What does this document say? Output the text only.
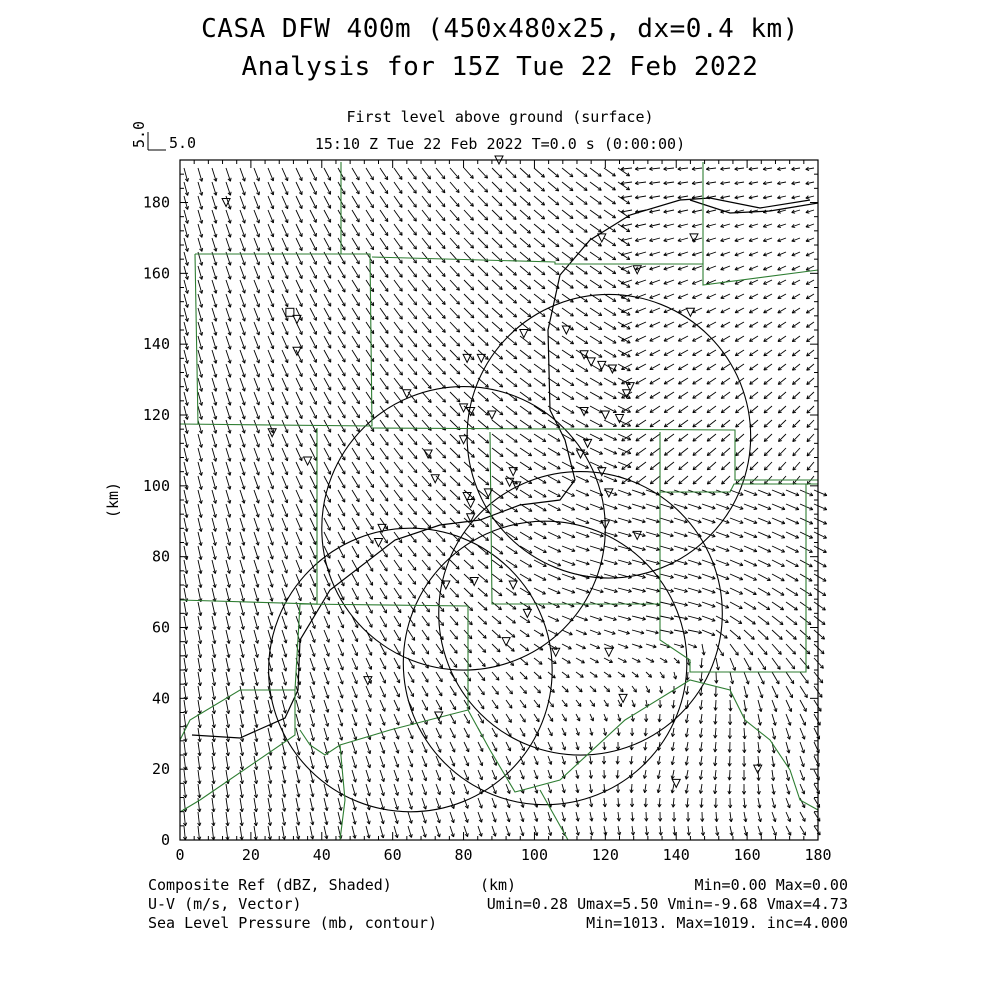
CASA DFW 400m (450x480x25, dx=0.4 km)
Analysis for 15Z Tue 22 Feb 2022
First level above ground (surface)
15:10 Z Tue 22 Feb 2022 T=0.0 s (0:00:00)
0	20	40	60	80	100	120	140	160	180
0
20
40
60
80
100
120
140
160
180
5.0
5.0
(km)
(km)
Composite Ref (dBZ, Shaded)	Min=0.00 Max=0.00
U-V (m/s, Vector)	Umin=0.28 Umax=5.50 Vmin=-9.68 Vmax=4.73
Sea Level Pressure (mb, contour)	Min=1013. Max=1019. inc=4.000
